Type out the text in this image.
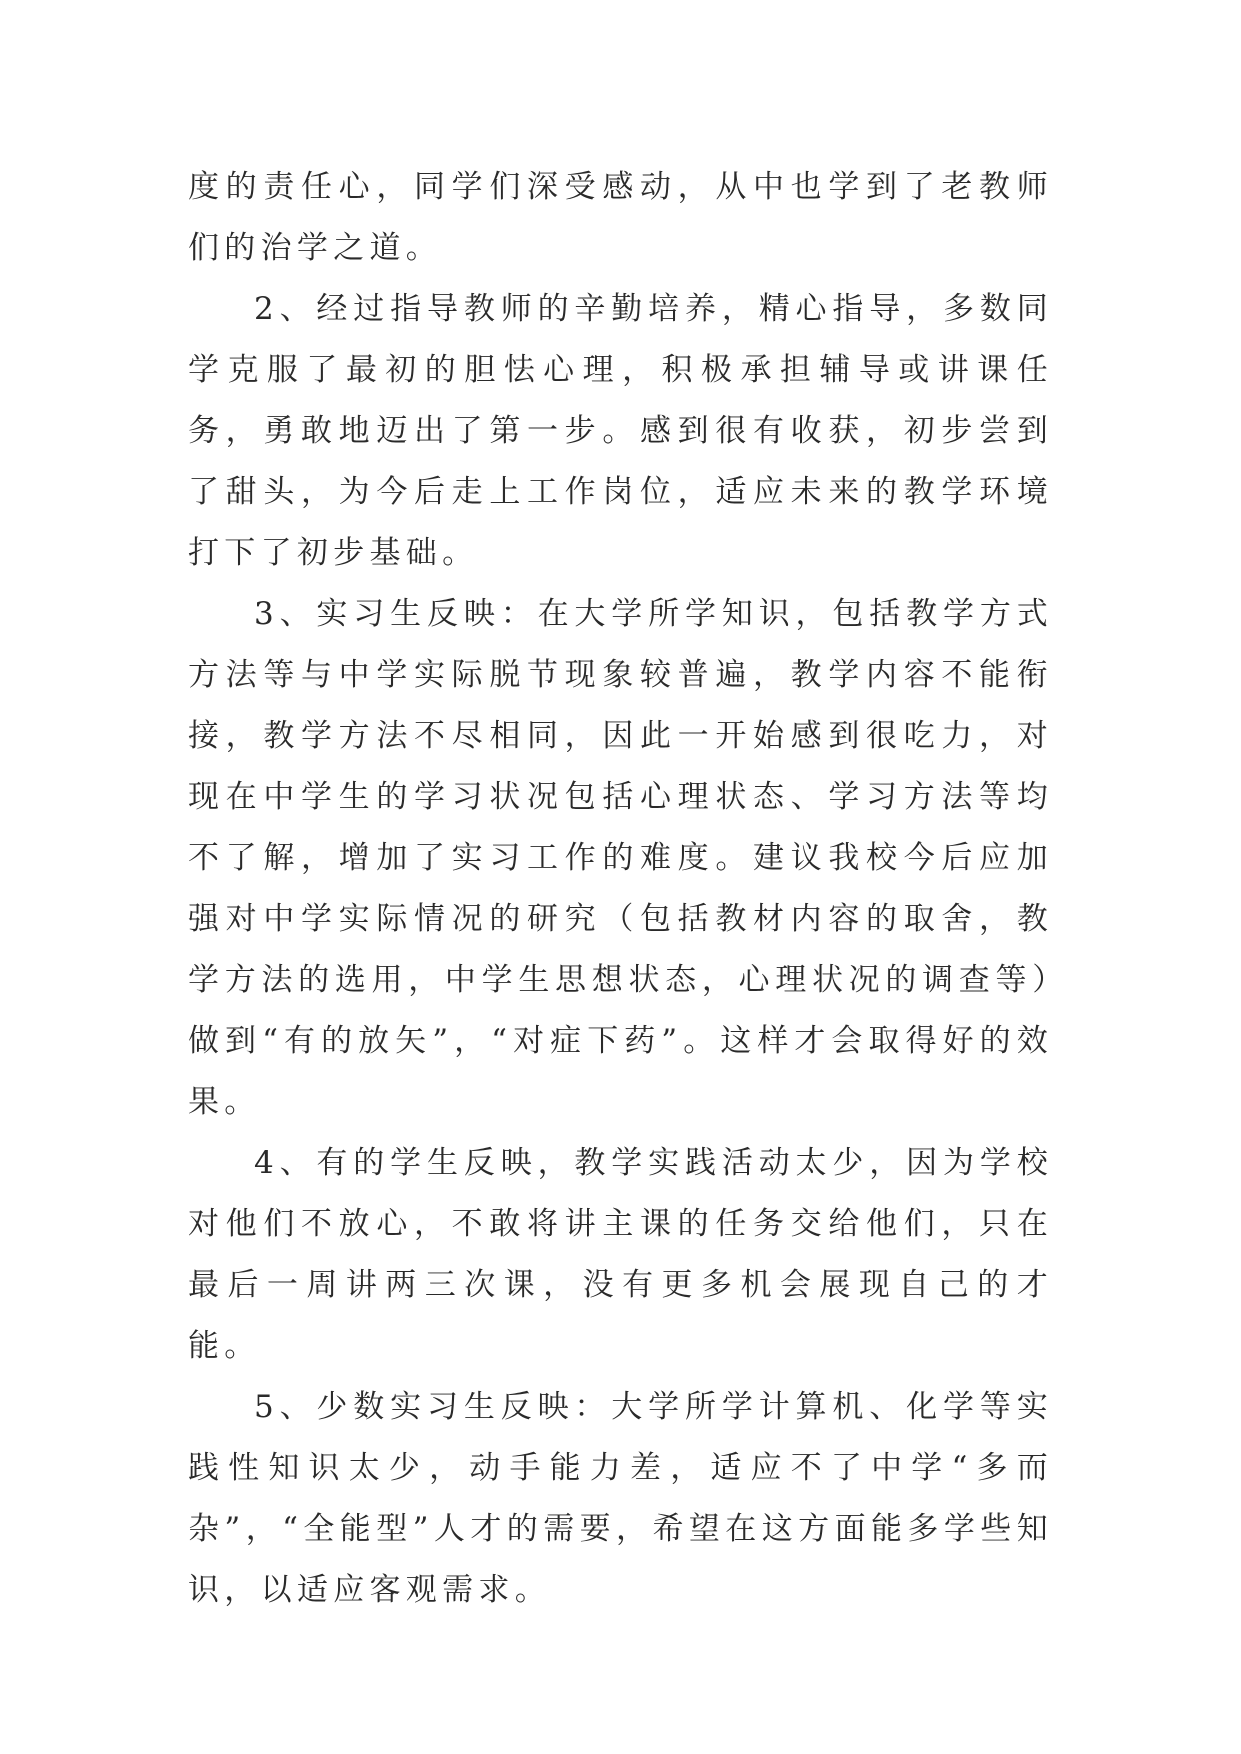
度的责任心，同学们深受感动，从中也学到了老教师们的治学之道。

2、经过指导教师的辛勤培养，精心指导，多数同学克服了最初的胆怯心理，积极承担辅导或讲课任务，勇敢地迈出了第一步。感到很有收获，初步尝到了甜头，为今后走上工作岗位，适应未来的教学环境打下了初步基础。

3、实习生反映：在大学所学知识，包括教学方式方法等与中学实际脱节现象较普遍，教学内容不能衔接，教学方法不尽相同，因此一开始感到很吃力，对现在中学生的学习状况包括心理状态、学习方法等均不了解，增加了实习工作的难度。建议我校今后应加强对中学实际情况的研究（包括教材内容的取舍，教学方法的选用，中学生思想状态，心理状况的调查等）做到“有的放矢”，“对症下药”。这样才会取得好的效果。

4、有的学生反映，教学实践活动太少，因为学校对他们不放心，不敢将讲主课的任务交给他们，只在最后一周讲两三次课，没有更多机会展现自己的才能。

5、少数实习生反映：大学所学计算机、化学等实践性知识太少，动手能力差，适应不了中学“多而杂”，“全能型”人才的需要，希望在这方面能多学些知识，以适应客观需求。
